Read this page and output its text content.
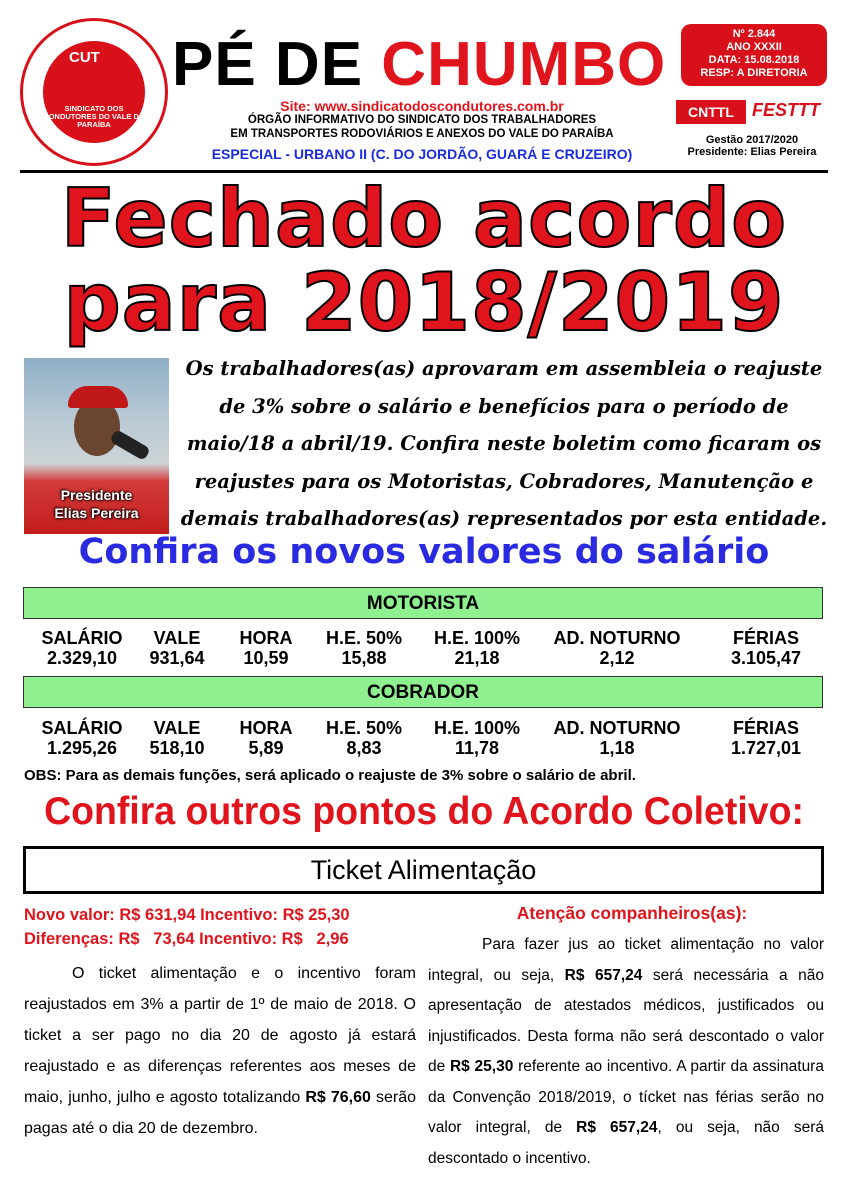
CUT
SINDICATO DOS CONDUTORES DO VALE DO PARAÍBA
PÉ DE CHUMBO
Site: www.sindicatodoscondutores.com.br
ÓRGÃO INFORMATIVO DO SINDICATO DOS TRABALHADORES
EM TRANSPORTES RODOVIÁRIOS E ANEXOS DO VALE DO PARAÍBA
ESPECIAL - URBANO II (C. DO JORDÃO, GUARÁ E CRUZEIRO)
Nº 2.844
ANO XXXII
DATA: 15.08.2018
RESP: A DIRETORIA
CNTTL	FESTTT
Gestão 2017/2020
Presidente: Elias Pereira
Fechado acordo
para 2018/2019
Presidente
Elias Pereira
Os trabalhadores(as) aprovaram em assembleia o reajuste de 3% sobre o salário e benefícios para o período de maio/18 a abril/19. Confira neste boletim como ficaram os reajustes para os Motoristas, Cobradores, Manutenção e demais trabalhadores(as) representados por esta entidade.
Confira os novos valores do salário
MOTORISTA
SALÁRIO
2.329,10
VALE
931,64
HORA
10,59
H.E. 50%
15,88
H.E. 100%
21,18
AD. NOTURNO
2,12
FÉRIAS
3.105,47
COBRADOR
SALÁRIO
1.295,26
VALE
518,10
HORA
5,89
H.E. 50%
8,83
H.E. 100%
11,78
AD. NOTURNO
1,18
FÉRIAS
1.727,01
OBS: Para as demais funções, será aplicado o reajuste de 3% sobre o salário de abril.
Confira outros pontos do Acordo Coletivo:
Ticket Alimentação
Novo valor: R$ 631,94 Incentivo: R$ 25,30
Diferenças: R$   73,64 Incentivo: R$   2,96
O ticket alimentação e o incentivo foram reajustados em 3% a partir de 1º de maio de 2018. O ticket a ser pago no dia 20 de agosto já estará reajustado e as diferenças referentes aos meses de maio, junho, julho e agosto totalizando R$ 76,60 serão pagas até o dia 20 de dezembro.
Atenção companheiros(as):
Para fazer jus ao ticket alimentação no valor integral, ou seja, R$ 657,24 será necessária a não apresentação de atestados médicos, justificados ou injustificados. Desta forma não será descontado o valor de R$ 25,30 referente ao incentivo. A partir da assinatura da Convenção 2018/2019, o tícket nas férias serão no valor integral, de R$ 657,24, ou seja, não será descontado o incentivo.
